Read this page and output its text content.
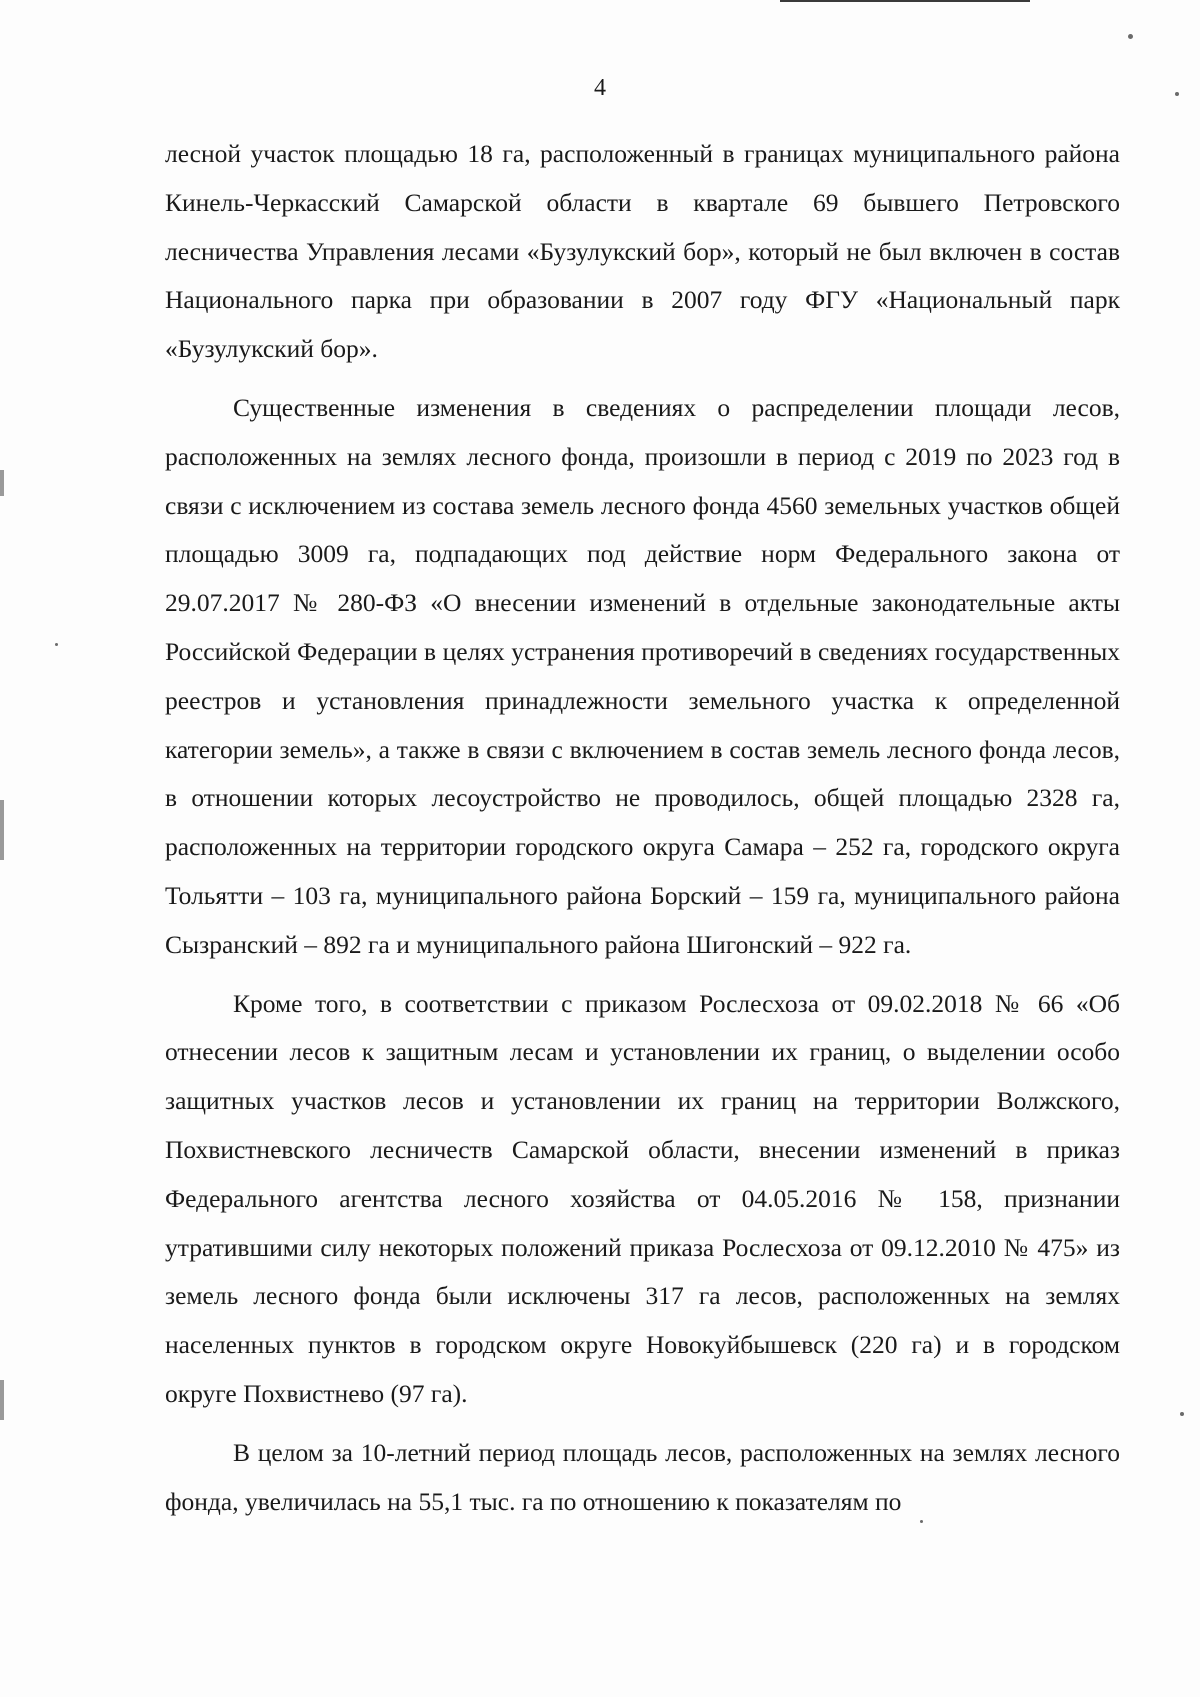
4

лесной участок площадью 18 га, расположенный в границах муниципального района Кинель-Черкасский Самарской области в квартале 69 бывшего Петровского лесничества Управления лесами «Бузулукский бор», который не был включен в состав Национального парка при образовании в 2007 году ФГУ «Национальный парк «Бузулукский бор».

Существенные изменения в сведениях о распределении площади лесов, расположенных на землях лесного фонда, произошли в период с 2019 по 2023 год в связи с исключением из состава земель лесного фонда 4560 земельных участков общей площадью 3009 га, подпадающих под действие норм Федерального закона от 29.07.2017 № 280-ФЗ «О внесении изменений в отдельные законодательные акты Российской Федерации в целях устранения противоречий в сведениях государственных реестров и установления принадлежности земельного участка к определенной категории земель», а также в связи с включением в состав земель лесного фонда лесов, в отношении которых лесоустройство не проводилось, общей площадью 2328 га, расположенных на территории городского округа Самара – 252 га, городского округа Тольятти – 103 га, муниципального района Борский – 159 га, муниципального района Сызранский – 892 га и муниципального района Шигонский – 922 га.

Кроме того, в соответствии с приказом Рослесхоза от 09.02.2018 № 66 «Об отнесении лесов к защитным лесам и установлении их границ, о выделении особо защитных участков лесов и установлении их границ на территории Волжского, Похвистневского лесничеств Самарской области, внесении изменений в приказ Федерального агентства лесного хозяйства от 04.05.2016 № 158, признании утратившими силу некоторых положений приказа Рослесхоза от 09.12.2010 № 475» из земель лесного фонда были исключены 317 га лесов, расположенных на землях населенных пунктов в городском округе Новокуйбышевск (220 га) и в городском округе Похвистнево (97 га).

В целом за 10-летний период площадь лесов, расположенных на землях лесного фонда, увеличилась на 55,1 тыс. га по отношению к показателям по
